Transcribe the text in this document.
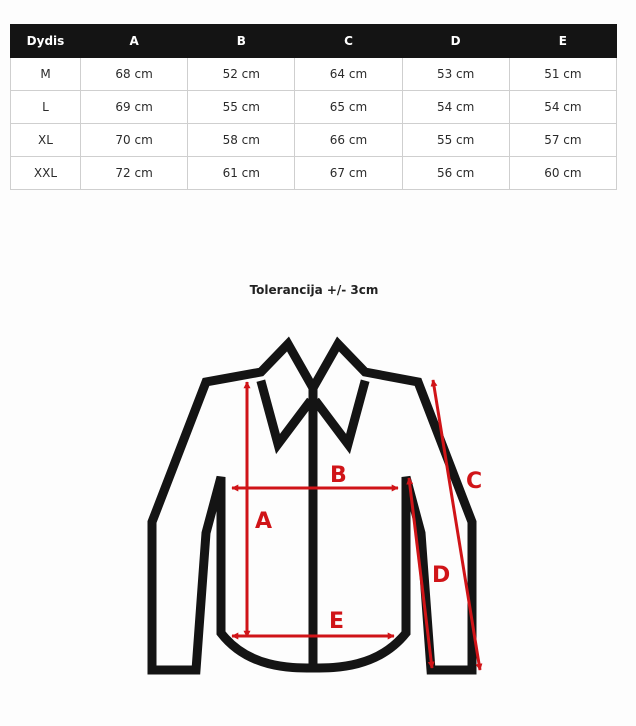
Dydis	A	B	C	D	E
M	68 cm	52 cm	64 cm	53 cm	51 cm
L	69 cm	55 cm	65 cm	54 cm	54 cm
XL	70 cm	58 cm	66 cm	55 cm	57 cm
XXL	72 cm	61 cm	67 cm	56 cm	60 cm
Tolerancija +/- 3cm
A
B	C
D
E
